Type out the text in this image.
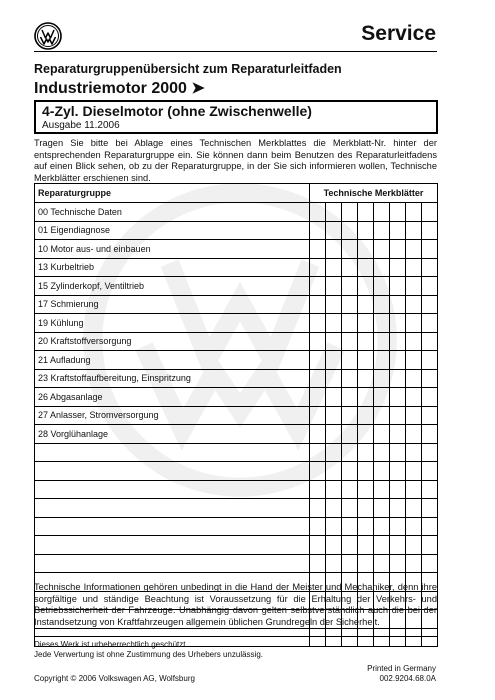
Service
Reparaturgruppenübersicht zum Reparaturleitfaden
Industriemotor 2000 ➤
4-Zyl. Dieselmotor (ohne Zwischenwelle)
Ausgabe 11.2006
Tragen Sie bitte bei Ablage eines Technischen Merkblattes die Merkblatt-Nr. hinter der entsprechenden Reparaturgruppe ein. Sie können dann beim Benutzen des Reparaturleitfadens auf einen Blick sehen, ob zu der Reparaturgruppe, in der Sie sich informieren wollen, Technische Merkblätter erschienen sind.
Reparaturgruppe	Technische Merkblätter							
00 Technische Daten								
01 Eigendiagnose								
10 Motor aus- und einbauen								
13 Kurbeltrieb								
15 Zylinderkopf, Ventiltrieb								
17 Schmierung								
19 Kühlung								
20 Kraftstoffversorgung								
21 Aufladung								
23 Kraftstoffaufbereitung, Einspritzung								
26 Abgasanlage								
27 Anlasser, Stromversorgung								
28 Vorglühanlage								

Technische Informationen gehören unbedingt in die Hand der Meister und Mechaniker, denn ihre sorgfältige und ständige Beachtung ist Voraussetzung für die Erhaltung der Verkehrs- und Betriebssicherheit der Fahrzeuge. Unabhängig davon gelten selbstverständlich auch die bei der Instandsetzung von Kraftfahrzeugen allgemein üblichen Grundregeln der Sicherheit.
Dieses Werk ist urheberrechtlich geschützt.
Jede Verwertung ist ohne Zustimmung des Urhebers unzulässig.
Copyright © 2006 Volkswagen AG, Wolfsburg
Printed in Germany
002.9204.68.0A
